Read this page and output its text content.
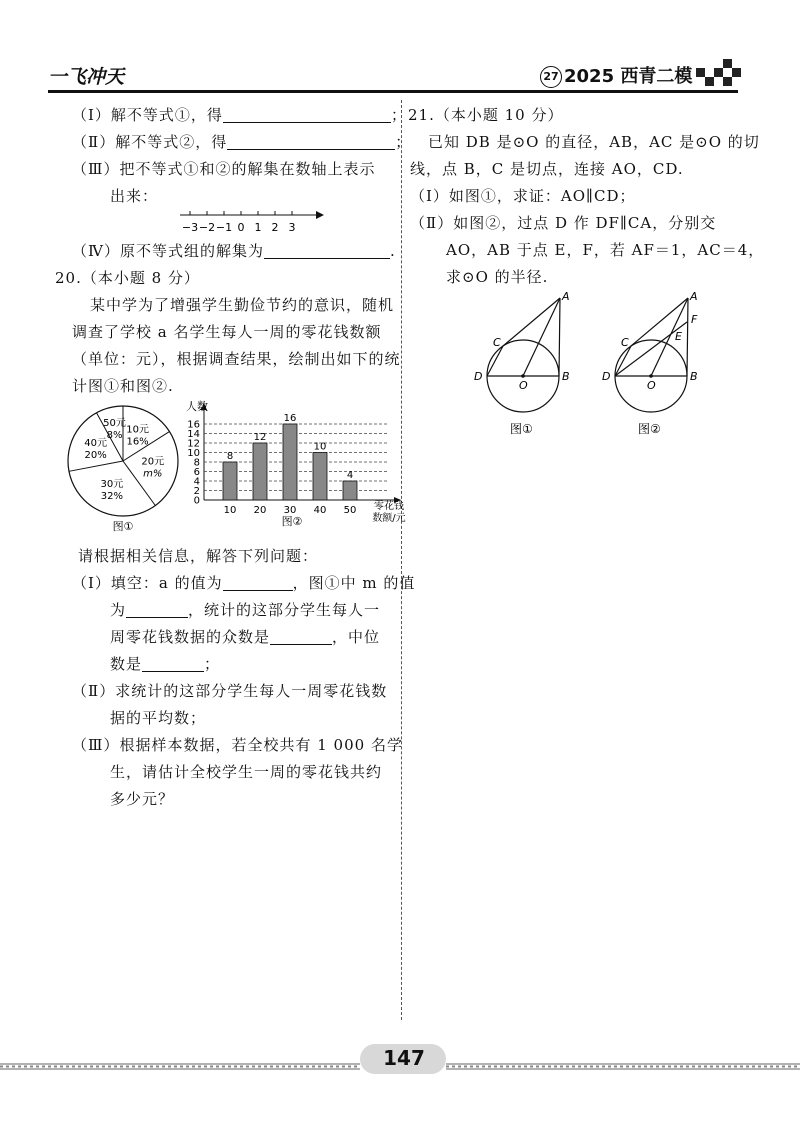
一飞冲天	27 2025 西青二模
（Ⅰ）解不等式①，得	；
（Ⅱ）解不等式②，得	；
（Ⅲ）把不等式①和②的解集在数轴上表示
出来：
−3 −2 −1 0 1 2 3
（Ⅳ）原不等式组的解集为	.
20.（本小题 8 分）
某中学为了增强学生勤俭节约的意识，随机
调查了学校 a 名学生每人一周的零花钱数额
（单位：元），根据调查结果，绘制出如下的统
计图①和图②.
10元
16%
20元
m%
30元
32%
40元
20%
50元
8%
图①
2
4
6
8
10
12
14
16
0
人数
8
10
12
20
16
30
10
40
4
50 零花钱
数额/元
图②
请根据相关信息，解答下列问题：
（Ⅰ）填空：a 的值为	，图①中 m 的值
为	，统计的这部分学生每人一
周零花钱数据的众数是	，中位
数是	；
（Ⅱ）求统计的这部分学生每人一周零花钱数
据的平均数；
（Ⅲ）根据样本数据，若全校共有 1 000 名学
生，请估计全校学生一周的零花钱共约
多少元？
21.（本小题 10 分）
已知 DB 是⊙O 的直径，AB，AC 是⊙O 的切
线，点 B，C 是切点，连接 AO，CD.
（Ⅰ）如图①，求证：AO∥CD；
（Ⅱ）如图②，过点 D 作 DF∥CA，分别交
AO，AB 于点 E，F，若 AF＝1，AC＝4，
求⊙O 的半径.
A
C
D
O
B
图①
A
F
C	E
D
O
B
图②
147
